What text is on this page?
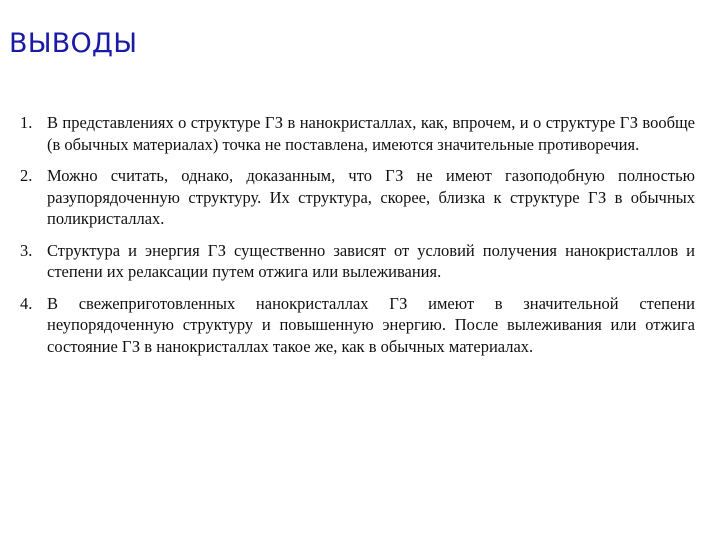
ВЫВОДЫ
1. В представлениях о структуре ГЗ в нанокристаллах, как, впрочем, и о структуре ГЗ вообще (в обычных материалах) точка не поставлена, имеются значительные противоречия.
2. Можно считать, однако, доказанным, что ГЗ не имеют газоподобную полностью разупорядоченную структуру. Их структура, скорее, близка к структуре ГЗ в обычных поликристаллах.
3. Структура и энергия ГЗ существенно зависят от условий получения нанокристаллов и степени их релаксации путем отжига или вылеживания.
4. В свежеприготовленных нанокристаллах ГЗ имеют в значительной степени неупорядоченную структуру и повышенную энергию. После вылеживания или отжига состояние ГЗ в нанокристаллах такое же, как в обычных материалах.
